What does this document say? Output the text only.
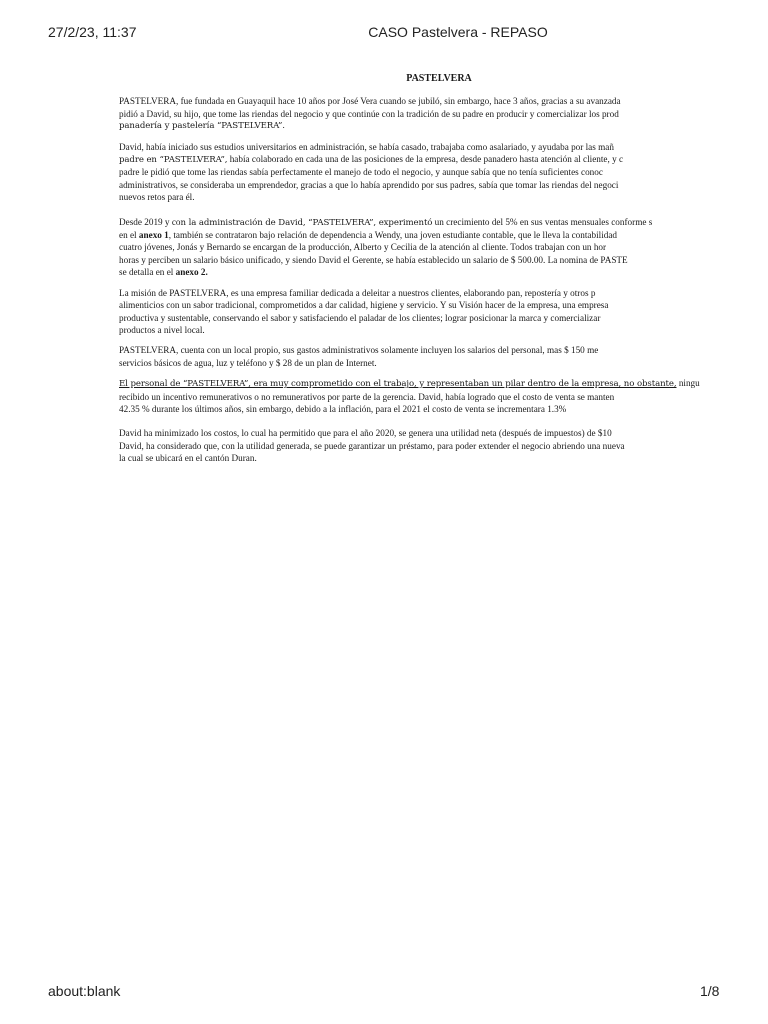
27/2/23, 11:37	CASO Pastelvera - REPASO
PASTELVERA
PASTELVERA, fue fundada en Guayaquil hace 10 años por José Vera cuando se jubiló, sin embargo, hace 3 años, gracias a su avanzada
pidió a David, su hijo, que tome las riendas del negocio y que continúe con la tradición de su padre en producir y comercializar los prod
panadería y pastelería “PASTELVERA”.
David, había iniciado sus estudios universitarios en administración, se había casado, trabajaba como asalariado, y ayudaba por las mañ
padre en “PASTELVERA”, había colaborado en cada una de las posiciones de la empresa, desde panadero hasta atención al cliente, y c
padre le pidió que tome las riendas sabía perfectamente el manejo de todo el negocio, y aunque sabía que no tenía suficientes conoc
administrativos, se consideraba un emprendedor, gracias a que lo había aprendido por sus padres, sabía que tomar las riendas del negoci
nuevos retos para él.
Desde 2019 y con la administración de David, “PASTELVERA”, experimentó un crecimiento del 5% en sus ventas mensuales conforme s
en el anexo 1, también se contrataron bajo relación de dependencia a Wendy, una joven estudiante contable, que le lleva la contabilidad
cuatro jóvenes, Jonás y Bernardo se encargan de la producción, Alberto y Cecilia de la atención al cliente. Todos trabajan con un hor
horas y perciben un salario básico unificado, y siendo David el Gerente, se había establecido un salario de $ 500.00. La nomina de PASTE
se detalla en el anexo 2.
La misión de PASTELVERA, es una empresa familiar dedicada a deleitar a nuestros clientes, elaborando pan, repostería y otros p
alimenticios con un sabor tradicional, comprometidos a dar calidad, higiene y servicio. Y su Visión hacer de la empresa, una empresa
productiva y sustentable, conservando el sabor y satisfaciendo el paladar de los clientes; lograr posicionar la marca y comercializar
productos a nivel local.
PASTELVERA, cuenta con un local propio, sus gastos administrativos solamente incluyen los salarios del personal, mas $ 150 me
servicios básicos de agua, luz y teléfono y $ 28 de un plan de Internet.
El personal de “PASTELVERA”, era muy comprometido con el trabajo, y representaban un pilar dentro de la empresa, no obstante, ningu
recibido un incentivo remunerativos o no remunerativos por parte de la gerencia. David, había logrado que el costo de venta se manten
42.35 % durante los últimos años, sin embargo, debido a la inflación, para el 2021 el costo de venta se incrementara 1.3%
David ha minimizado los costos, lo cual ha permitido que para el año 2020, se genera una utilidad neta (después de impuestos) de $10
David, ha considerado que, con la utilidad generada, se puede garantizar un préstamo, para poder extender el negocio abriendo una nueva
la cual se ubicará en el cantón Duran.
about:blank	1/8
